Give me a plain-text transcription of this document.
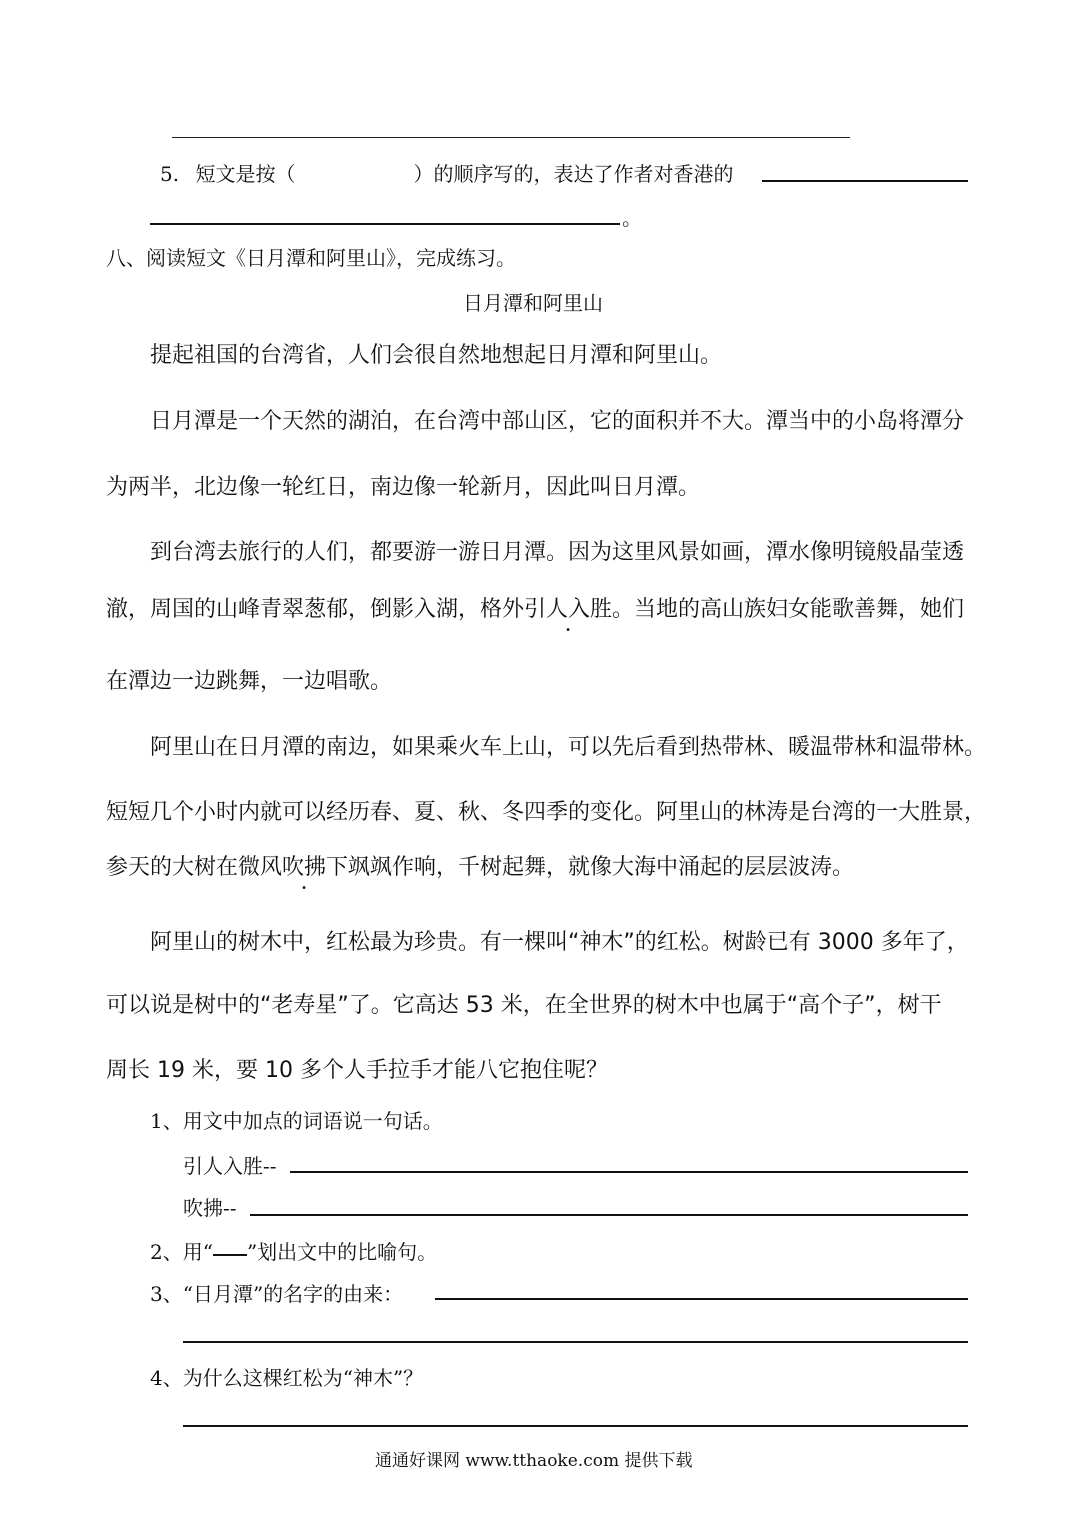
5. 短文是按（	）的顺序写的，表达了作者对香港的
。
八、阅读短文《日月潭和阿里山》，完成练习。
日月潭和阿里山
提起祖国的台湾省，人们会很自然地想起日月潭和阿里山。
日月潭是一个天然的湖泊，在台湾中部山区，它的面积并不大。潭当中的小岛将潭分
为两半，北边像一轮红日，南边像一轮新月，因此叫日月潭。
到台湾去旅行的人们，都要游一游日月潭。因为这里风景如画，潭水像明镜般晶莹透
澈，周国的山峰青翠葱郁，倒影入湖，格外引人入胜。当地的高山族妇女能歌善舞，她们
在潭边一边跳舞，一边唱歌。
阿里山在日月潭的南边，如果乘火车上山，可以先后看到热带林、暖温带林和温带林。
短短几个小时内就可以经历春、夏、秋、冬四季的变化。阿里山的林涛是台湾的一大胜景，
参天的大树在微风吹拂下飒飒作响，千树起舞，就像大海中涌起的层层波涛。
阿里山的树木中，红松最为珍贵。有一棵叫“神木”的红松。树龄已有 3000 多年了，
可以说是树中的“老寿星”了。它高达 53 米，在全世界的树木中也属于“高个子”，树干
周长 19 米，要 10 多个人手拉手才能八它抱住呢？
1、用文中加点的词语说一句话。
引人入胜--
吹拂--
2、用“ ”划出文中的比喻句。
3、“日月潭”的名字的由来：
4、为什么这棵红松为“神木”？
通通好课网 www.tthaoke.com 提供下载
